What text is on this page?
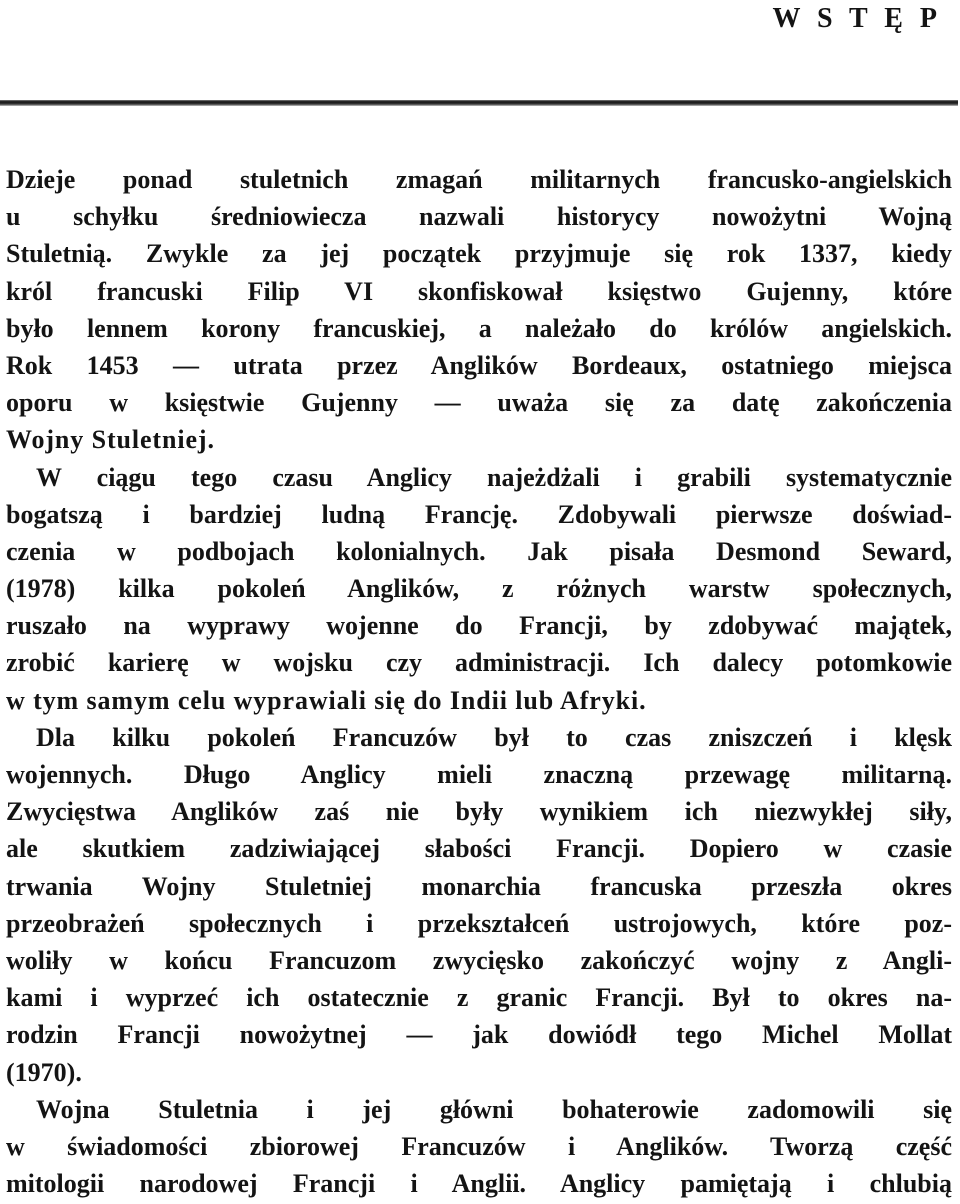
W S T Ę P
Dzieje ponad stuletnich zmagań militarnych francusko-angielskich
u schyłku średniowiecza nazwali historycy nowożytni Wojną
Stuletnią. Zwykle za jej początek przyjmuje się rok 1337, kiedy
król francuski Filip VI skonfiskował księstwo Gujenny, które
było lennem korony francuskiej, a należało do królów angielskich.
Rok 1453 — utrata przez Anglików Bordeaux, ostatniego miejsca
oporu w księstwie Gujenny — uważa się za datę zakończenia
Wojny Stuletniej.
W ciągu tego czasu Anglicy najeżdżali i grabili systematycznie
bogatszą i bardziej ludną Francję. Zdobywali pierwsze doświad-
czenia w podbojach kolonialnych. Jak pisała Desmond Seward,
(1978) kilka pokoleń Anglików, z różnych warstw społecznych,
ruszało na wyprawy wojenne do Francji, by zdobywać majątek,
zrobić karierę w wojsku czy administracji. Ich dalecy potomkowie
w tym samym celu wyprawiali się do Indii lub Afryki.
Dla kilku pokoleń Francuzów był to czas zniszczeń i klęsk
wojennych. Długo Anglicy mieli znaczną przewagę militarną.
Zwycięstwa Anglików zaś nie były wynikiem ich niezwykłej siły,
ale skutkiem zadziwiającej słabości Francji. Dopiero w czasie
trwania Wojny Stuletniej monarchia francuska przeszła okres
przeobrażeń społecznych i przekształceń ustrojowych, które poz-
woliły w końcu Francuzom zwycięsko zakończyć wojny z Angli-
kami i wyprzeć ich ostatecznie z granic Francji. Był to okres na-
rodzin Francji nowożytnej — jak dowiódł tego Michel Mollat
(1970).
Wojna Stuletnia i jej główni bohaterowie zadomowili się
w świadomości zbiorowej Francuzów i Anglików. Tworzą część
mitologii narodowej Francji i Anglii. Anglicy pamiętają i chlubią
